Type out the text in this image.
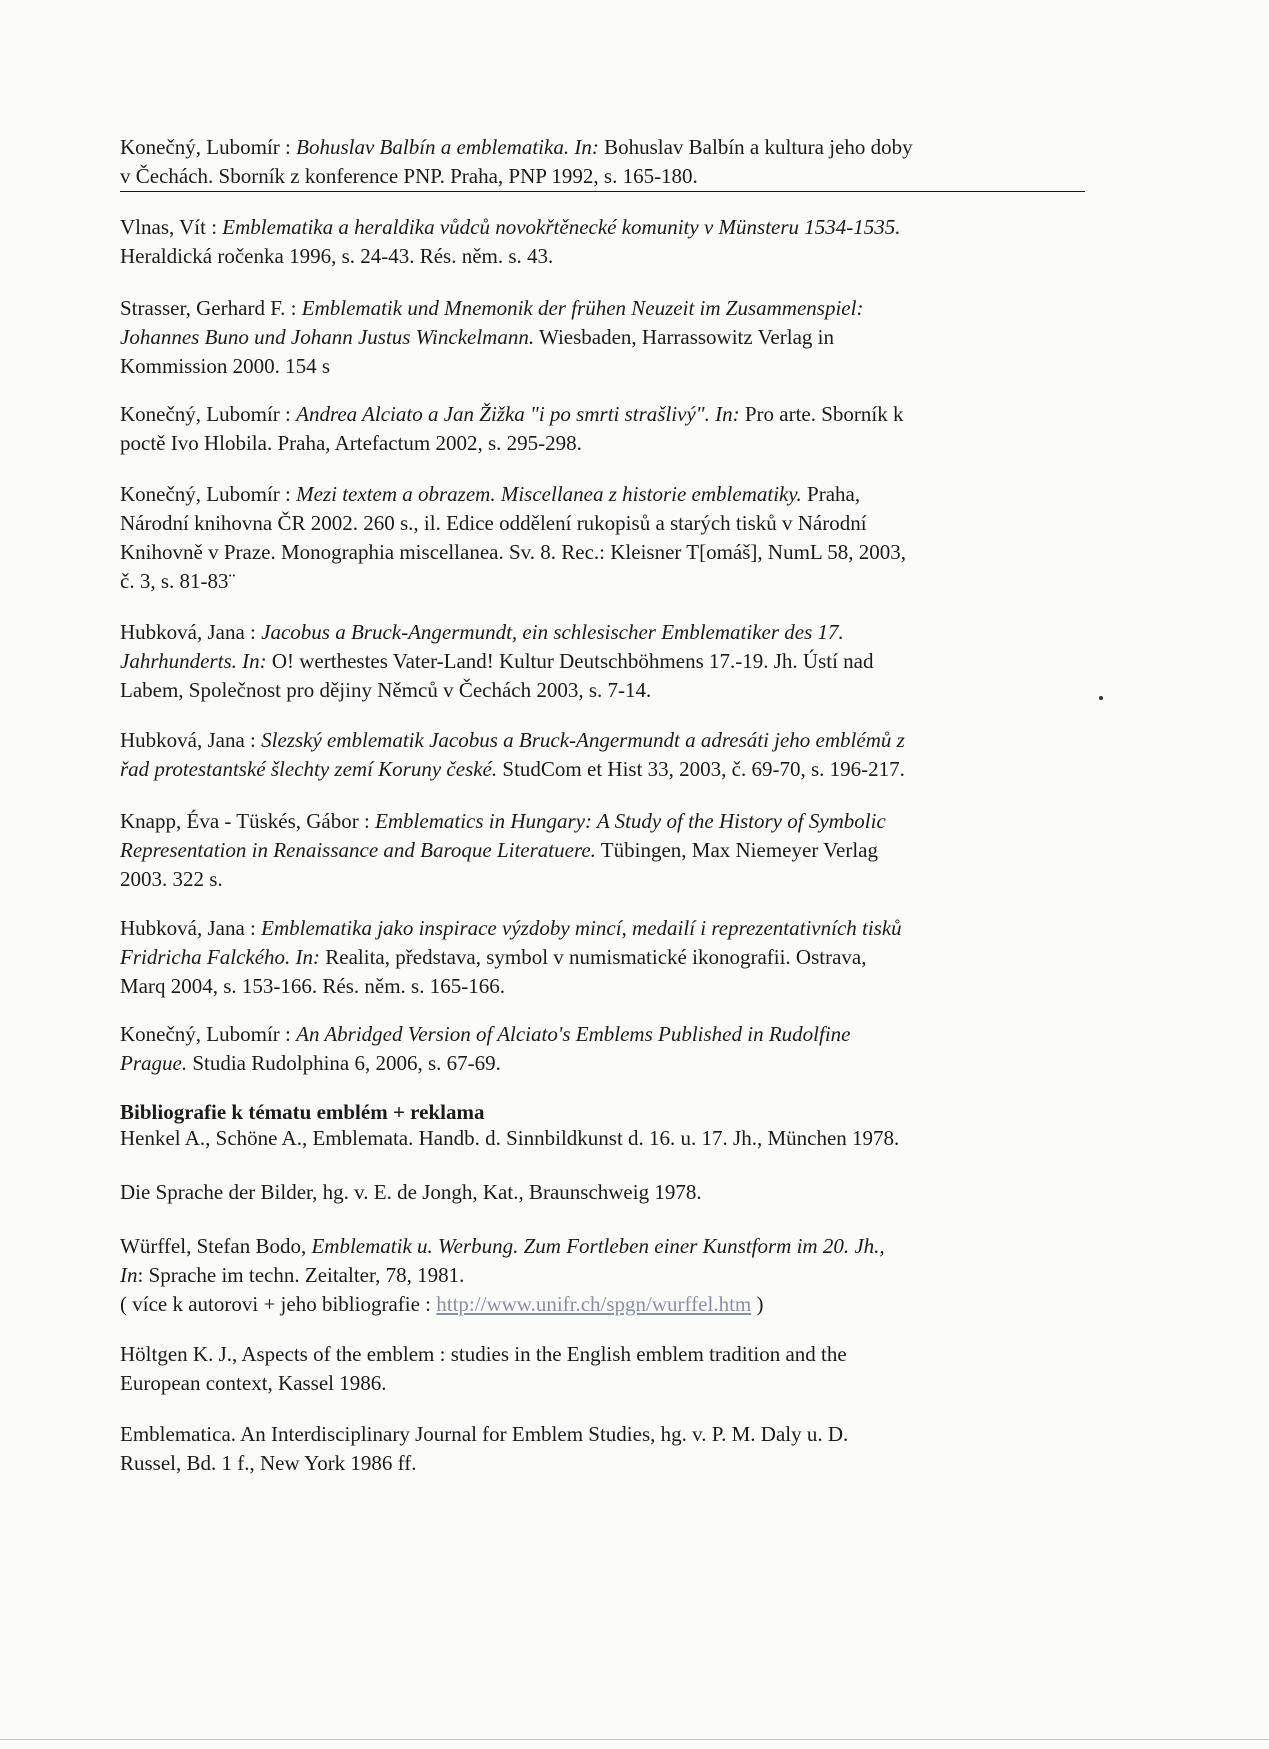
Konečný, Lubomír : Bohuslav Balbín a emblematika. In: Bohuslav Balbín a kultura jeho doby

v Čechách. Sborník z konference PNP. Praha, PNP 1992, s. 165-180.
Vlnas, Vít : Emblematika a heraldika vůdců novokřtěnecké komunity v Münsteru 1534-1535.
Heraldická ročenka 1996, s. 24-43. Rés. něm. s. 43.
Strasser, Gerhard F. : Emblematik und Mnemonik der frühen Neuzeit im Zusammenspiel:
Johannes Buno und Johann Justus Winckelmann. Wiesbaden, Harrassowitz Verlag in
Kommission 2000. 154 s
Konečný, Lubomír : Andrea Alciato a Jan Žižka "i po smrti strašlivý". In: Pro arte. Sborník k
poctě Ivo Hlobila. Praha, Artefactum 2002, s. 295-298.
Konečný, Lubomír : Mezi textem a obrazem. Miscellanea z historie emblematiky. Praha,
Národní knihovna ČR 2002. 260 s., il. Edice oddělení rukopisů a starých tisků v Národní
Knihovně v Praze. Monographia miscellanea. Sv. 8. Rec.: Kleisner T[omáš], NumL 58, 2003,
č. 3, s. 81-83¨
Hubková, Jana : Jacobus a Bruck-Angermundt, ein schlesischer Emblematiker des 17.
Jahrhunderts. In: O! werthestes Vater-Land! Kultur Deutschböhmens 17.-19. Jh. Ústí nad
Labem, Společnost pro dějiny Němců v Čechách 2003, s. 7-14.
Hubková, Jana : Slezský emblematik Jacobus a Bruck-Angermundt a adresáti jeho emblémů z
řad protestantské šlechty zemí Koruny české. StudCom et Hist 33, 2003, č. 69-70, s. 196-217.
Knapp, Éva - Tüskés, Gábor : Emblematics in Hungary: A Study of the History of Symbolic
Representation in Renaissance and Baroque Literatuere. Tübingen, Max Niemeyer Verlag
2003. 322 s.
Hubková, Jana : Emblematika jako inspirace výzdoby mincí, medailí i reprezentativních tisků
Fridricha Falckého. In: Realita, představa, symbol v numismatické ikonografii. Ostrava,
Marq 2004, s. 153-166. Rés. něm. s. 165-166.
Konečný, Lubomír : An Abridged Version of Alciato's Emblems Published in Rudolfine
Prague. Studia Rudolphina 6, 2006, s. 67-69.
Bibliografie k tématu emblém + reklama
Henkel A., Schöne A., Emblemata. Handb. d. Sinnbildkunst d. 16. u. 17. Jh., München 1978.
Die Sprache der Bilder, hg. v. E. de Jongh, Kat., Braunschweig 1978.
Würffel, Stefan Bodo, Emblematik u. Werbung. Zum Fortleben einer Kunstform im 20. Jh.,
In: Sprache im techn. Zeitalter, 78, 1981.
( více k autorovi + jeho bibliografie : http://www.unifr.ch/spgn/wurffel.htm )
Höltgen K. J., Aspects of the emblem : studies in the English emblem tradition and the
European context, Kassel 1986.
Emblematica. An Interdisciplinary Journal for Emblem Studies, hg. v. P. M. Daly u. D.
Russel, Bd. 1 f., New York 1986 ff.
